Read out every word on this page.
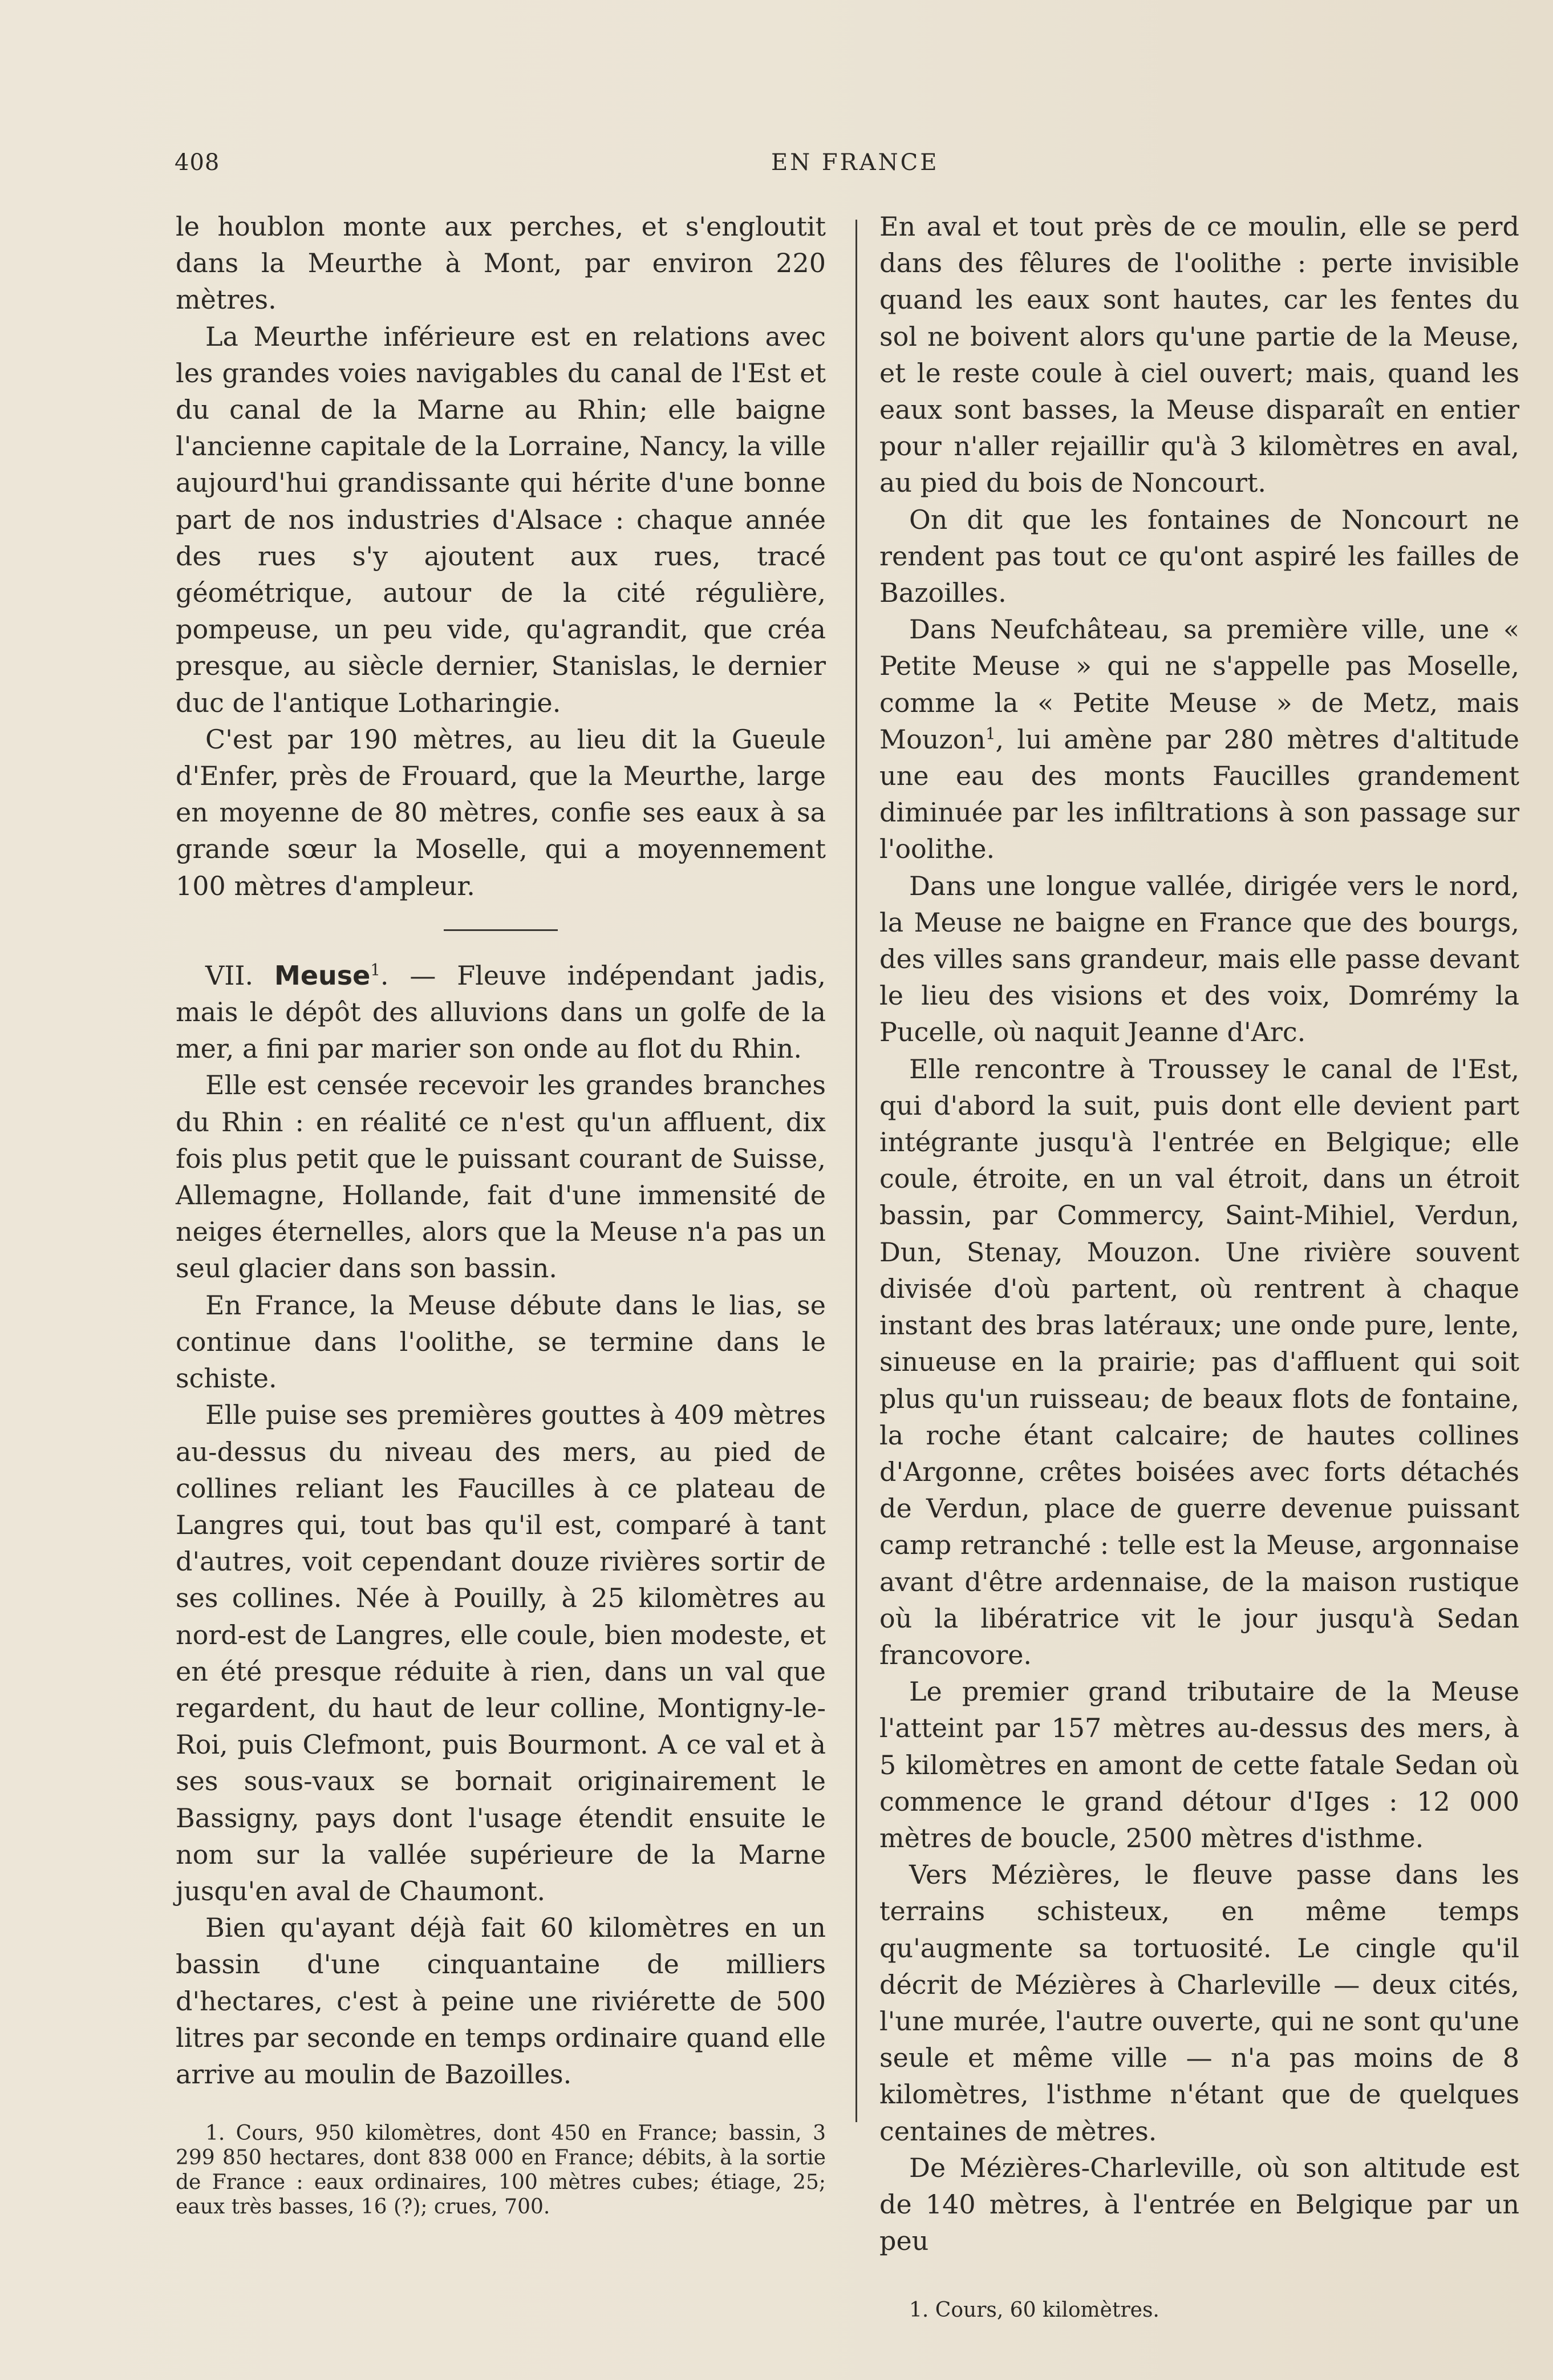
408	EN FRANCE

le houblon monte aux perches, et s'engloutit dans la Meurthe à Mont, par environ 220 mètres.

La Meurthe inférieure est en relations avec les grandes voies navigables du canal de l'Est et du canal de la Marne au Rhin; elle baigne l'ancienne capitale de la Lorraine, Nancy, la ville aujourd'hui grandissante qui hérite d'une bonne part de nos industries d'Alsace : chaque année des rues s'y ajoutent aux rues, tracé géométrique, autour de la cité régulière, pompeuse, un peu vide, qu'agrandit, que créa presque, au siècle dernier, Stanislas, le dernier duc de l'antique Lotharingie.

C'est par 190 mètres, au lieu dit la Gueule d'Enfer, près de Frouard, que la Meurthe, large en moyenne de 80 mètres, confie ses eaux à sa grande sœur la Moselle, qui a moyennement 100 mètres d'ampleur.

VII. Meuse$^1$. — Fleuve indépendant jadis, mais le dépôt des alluvions dans un golfe de la mer, a fini par marier son onde au flot du Rhin.

Elle est censée recevoir les grandes branches du Rhin : en réalité ce n'est qu'un affluent, dix fois plus petit que le puissant courant de Suisse, Allemagne, Hollande, fait d'une immensité de neiges éternelles, alors que la Meuse n'a pas un seul glacier dans son bassin.

En France, la Meuse débute dans le lias, se continue dans l'oolithe, se termine dans le schiste.

Elle puise ses premières gouttes à 409 mètres au-dessus du niveau des mers, au pied de collines reliant les Faucilles à ce plateau de Langres qui, tout bas qu'il est, comparé à tant d'autres, voit cependant douze rivières sortir de ses collines. Née à Pouilly, à 25 kilomètres au nord-est de Langres, elle coule, bien modeste, et en été presque réduite à rien, dans un val que regardent, du haut de leur colline, Montigny-le-Roi, puis Clefmont, puis Bourmont. A ce val et à ses sous-vaux se bornait originairement le Bassigny, pays dont l'usage étendit ensuite le nom sur la vallée supérieure de la Marne jusqu'en aval de Chaumont.

Bien qu'ayant déjà fait 60 kilomètres en un bassin d'une cinquantaine de milliers d'hectares, c'est à peine une riviérette de 500 litres par seconde en temps ordinaire quand elle arrive au moulin de Bazoilles.

1. Cours, 950 kilomètres, dont 450 en France; bassin, 3 299 850 hectares, dont 838 000 en France; débits, à la sortie de France : eaux ordinaires, 100 mètres cubes; étiage, 25; eaux très basses, 16 (?); crues, 700.

En aval et tout près de ce moulin, elle se perd dans des fêlures de l'oolithe : perte invisible quand les eaux sont hautes, car les fentes du sol ne boivent alors qu'une partie de la Meuse, et le reste coule à ciel ouvert; mais, quand les eaux sont basses, la Meuse disparaît en entier pour n'aller rejaillir qu'à 3 kilomètres en aval, au pied du bois de Noncourt.

On dit que les fontaines de Noncourt ne rendent pas tout ce qu'ont aspiré les failles de Bazoilles.

Dans Neufchâteau, sa première ville, une « Petite Meuse » qui ne s'appelle pas Moselle, comme la « Petite Meuse » de Metz, mais Mouzon$^1$, lui amène par 280 mètres d'altitude une eau des monts Faucilles grandement diminuée par les infiltrations à son passage sur l'oolithe.

Dans une longue vallée, dirigée vers le nord, la Meuse ne baigne en France que des bourgs, des villes sans grandeur, mais elle passe devant le lieu des visions et des voix, Domrémy la Pucelle, où naquit Jeanne d'Arc.

Elle rencontre à Troussey le canal de l'Est, qui d'abord la suit, puis dont elle devient part intégrante jusqu'à l'entrée en Belgique; elle coule, étroite, en un val étroit, dans un étroit bassin, par Commercy, Saint-Mihiel, Verdun, Dun, Stenay, Mouzon. Une rivière souvent divisée d'où partent, où rentrent à chaque instant des bras latéraux; une onde pure, lente, sinueuse en la prairie; pas d'affluent qui soit plus qu'un ruisseau; de beaux flots de fontaine, la roche étant calcaire; de hautes collines d'Argonne, crêtes boisées avec forts détachés de Verdun, place de guerre devenue puissant camp retranché : telle est la Meuse, argonnaise avant d'être ardennaise, de la maison rustique où la libératrice vit le jour jusqu'à Sedan francovore.

Le premier grand tributaire de la Meuse l'atteint par 157 mètres au-dessus des mers, à 5 kilomètres en amont de cette fatale Sedan où commence le grand détour d'Iges : 12 000 mètres de boucle, 2500 mètres d'isthme.

Vers Mézières, le fleuve passe dans les terrains schisteux, en même temps qu'augmente sa tortuosité. Le cingle qu'il décrit de Mézières à Charleville — deux cités, l'une murée, l'autre ouverte, qui ne sont qu'une seule et même ville — n'a pas moins de 8 kilomètres, l'isthme n'étant que de quelques centaines de mètres.

De Mézières-Charleville, où son altitude est de 140 mètres, à l'entrée en Belgique par un peu

1. Cours, 60 kilomètres.
